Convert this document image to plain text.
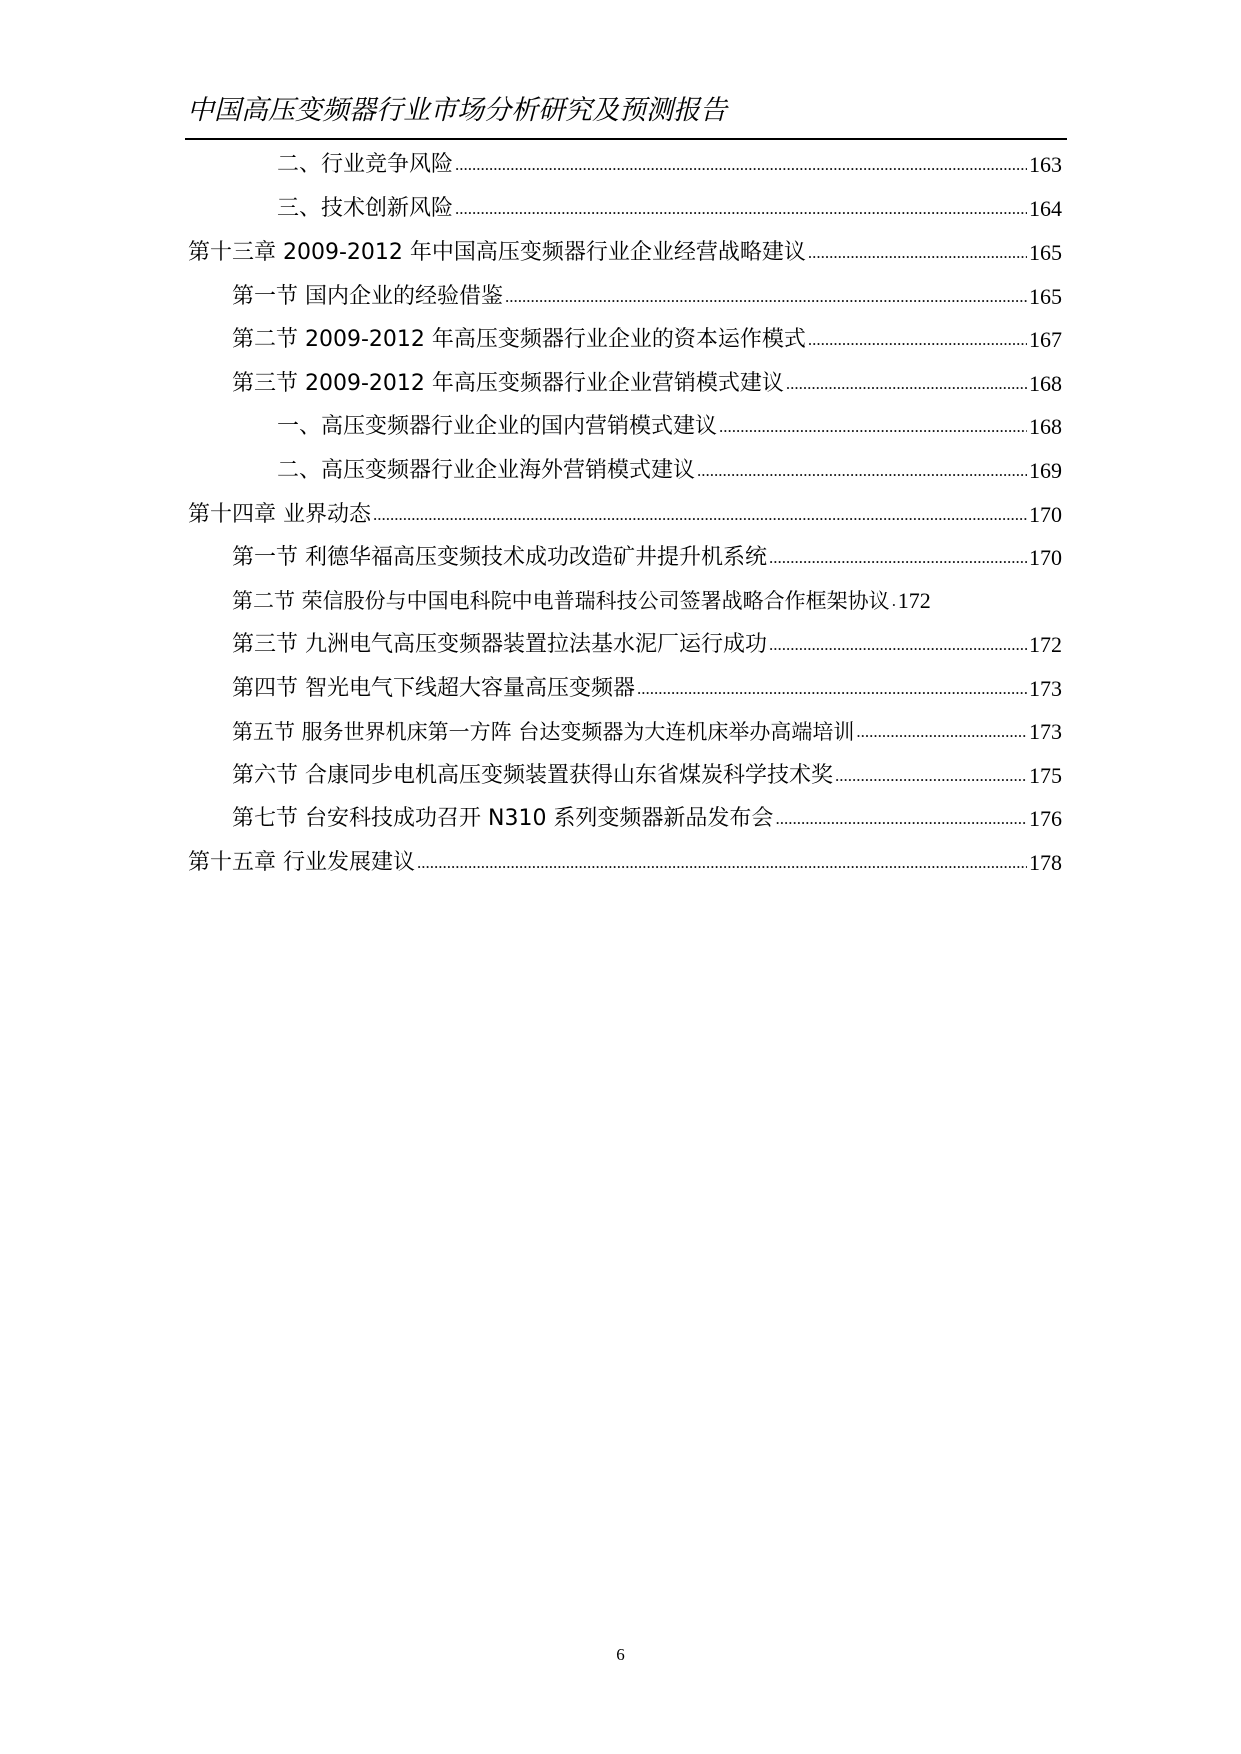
中国高压变频器行业市场分析研究及预测报告
二、行业竞争风险 .....	163
三、技术创新风险 .....	164
第十三章 2009-2012 年中国高压变频器行业企业经营战略建议 .....	165
第一节 国内企业的经验借鉴 .....	165
第二节 2009-2012 年高压变频器行业企业的资本运作模式 .....	167
第三节 2009-2012 年高压变频器行业企业营销模式建议 .....	168
一、高压变频器行业企业的国内营销模式建议 .....	168
二、高压变频器行业企业海外营销模式建议 .....	169
第十四章 业界动态 .....	170
第一节 利德华福高压变频技术成功改造矿井提升机系统 .....	170
第二节 荣信股份与中国电科院中电普瑞科技公司签署战略合作框架协议 ..... 172
第三节 九洲电气高压变频器装置拉法基水泥厂运行成功 .....	172
第四节 智光电气下线超大容量高压变频器 .....	173
第五节 服务世界机床第一方阵 台达变频器为大连机床举办高端培训 .....	173
第六节 合康同步电机高压变频装置获得山东省煤炭科学技术奖 .....	175
第七节 台安科技成功召开 N310 系列变频器新品发布会 .....	176
第十五章 行业发展建议 .....	178
6
